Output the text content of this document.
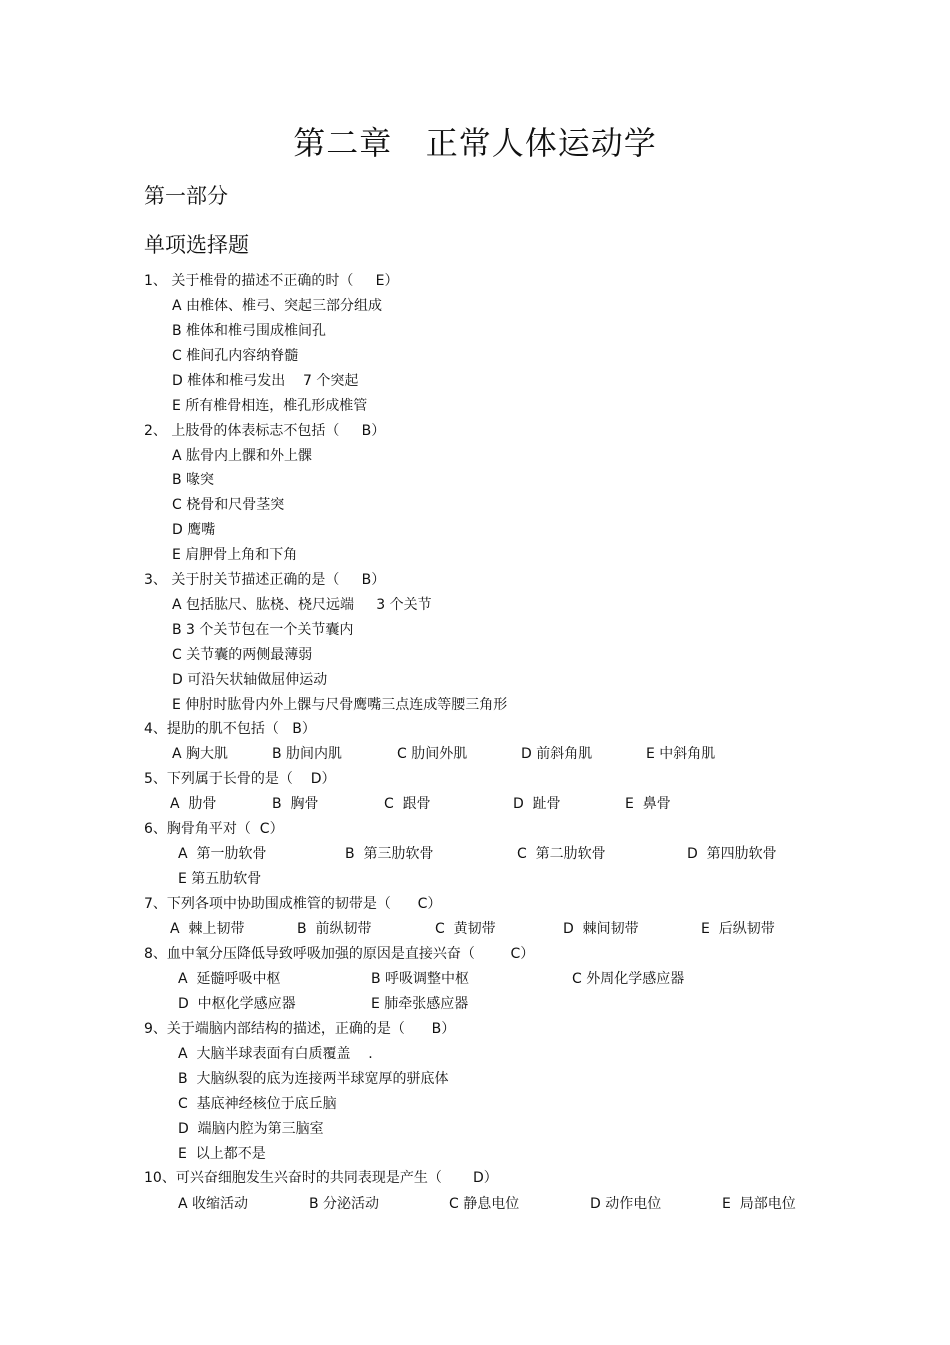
第二章   正常人体运动学
第一部分
单项选择题
1、 关于椎骨的描述不正确的时（     E）
A 由椎体、椎弓、突起三部分组成
B 椎体和椎弓围成椎间孔
C 椎间孔内容纳脊髓
D 椎体和椎弓发出    7 个突起
E 所有椎骨相连，椎孔形成椎管
2、 上肢骨的体表标志不包括（     B）
A 肱骨内上髁和外上髁
B 喙突
C 桡骨和尺骨茎突
D 鹰嘴
E 肩胛骨上角和下角
3、 关于肘关节描述正确的是（     B）
A 包括肱尺、肱桡、桡尺远端     3 个关节
B 3 个关节包在一个关节囊内
C 关节囊的两侧最薄弱
D 可沿矢状轴做屈伸运动
E 伸肘时肱骨内外上髁与尺骨鹰嘴三点连成等腰三角形
4、提肋的肌不包括（   B）
A 胸大肌	B 肋间内肌	C 肋间外肌	D 前斜角肌	E 中斜角肌
5、下列属于长骨的是（    D）
A  肋骨	B  胸骨	C  跟骨	D  趾骨	E  鼻骨
6、胸骨角平对（  C）
A  第一肋软骨	B  第三肋软骨	C  第二肋软骨	D  第四肋软骨
E 第五肋软骨
7、下列各项中协助围成椎管的韧带是（      C）
A  棘上韧带	B  前纵韧带	C  黄韧带	D  棘间韧带	E  后纵韧带
8、血中氧分压降低导致呼吸加强的原因是直接兴奋（        C）
A  延髓呼吸中枢	B 呼吸调整中枢	C 外周化学感应器
D  中枢化学感应器	E 肺牵张感应器
9、关于端脑内部结构的描述，正确的是（      B）
A  大脑半球表面有白质覆盖    .
B  大脑纵裂的底为连接两半球宽厚的骈底体
C  基底神经核位于底丘脑
D  端脑内腔为第三脑室
E  以上都不是
10、可兴奋细胞发生兴奋时的共同表现是产生（       D）
A 收缩活动	B 分泌活动	C 静息电位	D 动作电位	E  局部电位
